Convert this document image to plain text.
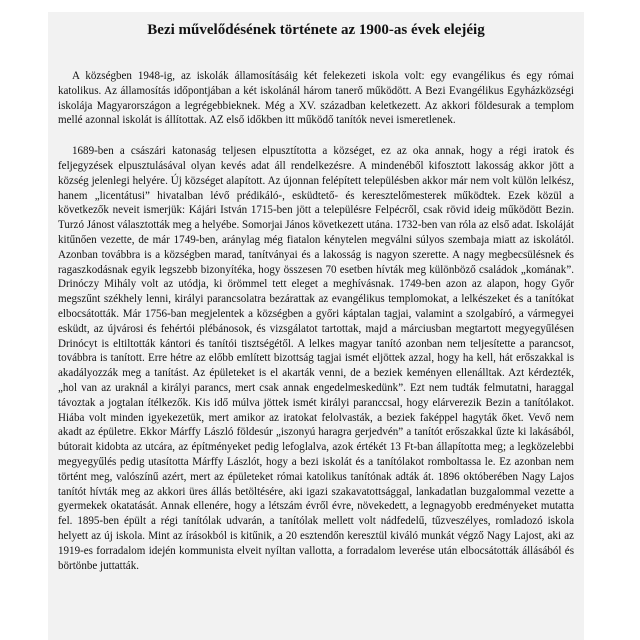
Bezi művelődésének története az 1900-as évek elejéig

A községben 1948-ig, az iskolák államosításáig két felekezeti iskola volt: egy evangélikus és egy római katolikus. Az államosítás időpontjában a két iskolánál három tanerő működött. A Bezi Evangélikus Egyházközségi iskolája Magyarországon a legrégebbieknek. Még a XV. században keletkezett. Az akkori földesurak a templom mellé azonnal iskolát is állítottak. AZ első időkben itt működő tanítók nevei ismeretlenek.

1689-ben a császári katonaság teljesen elpusztította a községet, ez az oka annak, hogy a régi iratok és feljegyzések elpusztulásával olyan kevés adat áll rendelkezésre. A mindenéből kifosztott lakosság akkor jött a község jelenlegi helyére. Új községet alapított. Az újonnan felépített településben akkor már nem volt külön lelkész, hanem „licentátusi” hivatalban lévő prédikáló-, esküdtető- és keresztelőmesterek működtek. Ezek közül a következők neveit ismerjük: Kájári István 1715-ben jött a településre Felpécről, csak rövid ideig működött Bezin. Turzó Jánost választották meg a helyébe. Somorjai János következett utána. 1732-ben van róla az első adat. Iskoláját kitűnően vezette, de már 1749-ben, aránylag még fiatalon kénytelen megválni súlyos szembaja miatt az iskolától. Azonban továbbra is a községben marad, tanítványai és a lakosság is nagyon szerette. A nagy megbecsülésnek és ragaszkodásnak egyik legszebb bizonyítéka, hogy összesen 70 esetben hívták meg különböző családok „komának”. Drinóczy Mihály volt az utódja, ki örömmel tett eleget a meghívásnak. 1749-ben azon az alapon, hogy Győr megszűnt székhely lenni, királyi parancsolatra bezárattak az evangélikus templomokat, a lelkészeket és a tanítókat elbocsátották. Már 1756-ban megjelentek a községben a győri káptalan tagjai, valamint a szolgabíró, a vármegyei esküdt, az újvárosi és fehértói plébánosok, és vizsgálatot tartottak, majd a márciusban megtartott megyegyűlésen Drinócyt is eltiltották kántori és tanítói tisztségétől. A lelkes magyar tanító azonban nem teljesítette a parancsot, továbbra is tanított. Erre hétre az előbb említett bizottság tagjai ismét eljöttek azzal, hogy ha kell, hát erőszakkal is akadályozzák meg a tanítást. Az épületeket is el akarták venni, de a beziek keményen ellenálltak. Azt kérdezték, „hol van az uraknál a királyi parancs, mert csak annak engedelmeskedünk”. Ezt nem tudták felmutatni, haraggal távoztak a jogtalan ítélkezők. Kis idő múlva jöttek ismét királyi paranccsal, hogy elárverezik Bezin a tanítólakot. Hiába volt minden igyekezetük, mert amikor az iratokat felolvasták, a beziek faképpel hagyták őket. Vevő nem akadt az épületre. Ekkor Márffy László földesúr „iszonyú haragra gerjedvén” a tanítót erőszakkal űzte ki lakásából, bútorait kidobta az utcára, az építményeket pedig lefoglalva, azok értékét 13 Ft-ban állapította meg; a legközelebbi megyegyűlés pedig utasította Márffy Lászlót, hogy a bezi iskolát és a tanítólakot romboltassa le. Ez azonban nem történt meg, valószínű azért, mert az épületeket római katolikus tanítónak adták át. 1896 októberében Nagy Lajos tanítót hívták meg az akkori üres állás betöltésére, aki igazi szakavatottsággal, lankadatlan buzgalommal vezette a gyermekek okatatását. Annak ellenére, hogy a létszám évről évre, növekedett, a legnagyobb eredményeket mutatta fel. 1895-ben épült a régi tanítólak udvarán, a tanítólak mellett volt nádfedelű, tűzveszélyes, romladozó iskola helyett az új iskola. Mint az írásokból is kitűnik, a 20 esztendőn keresztül kiváló munkát végző Nagy Lajost, aki az 1919-es forradalom idején kommunista elveit nyíltan vallotta, a forradalom leverése után elbocsátották állásából és börtönbe juttatták.
